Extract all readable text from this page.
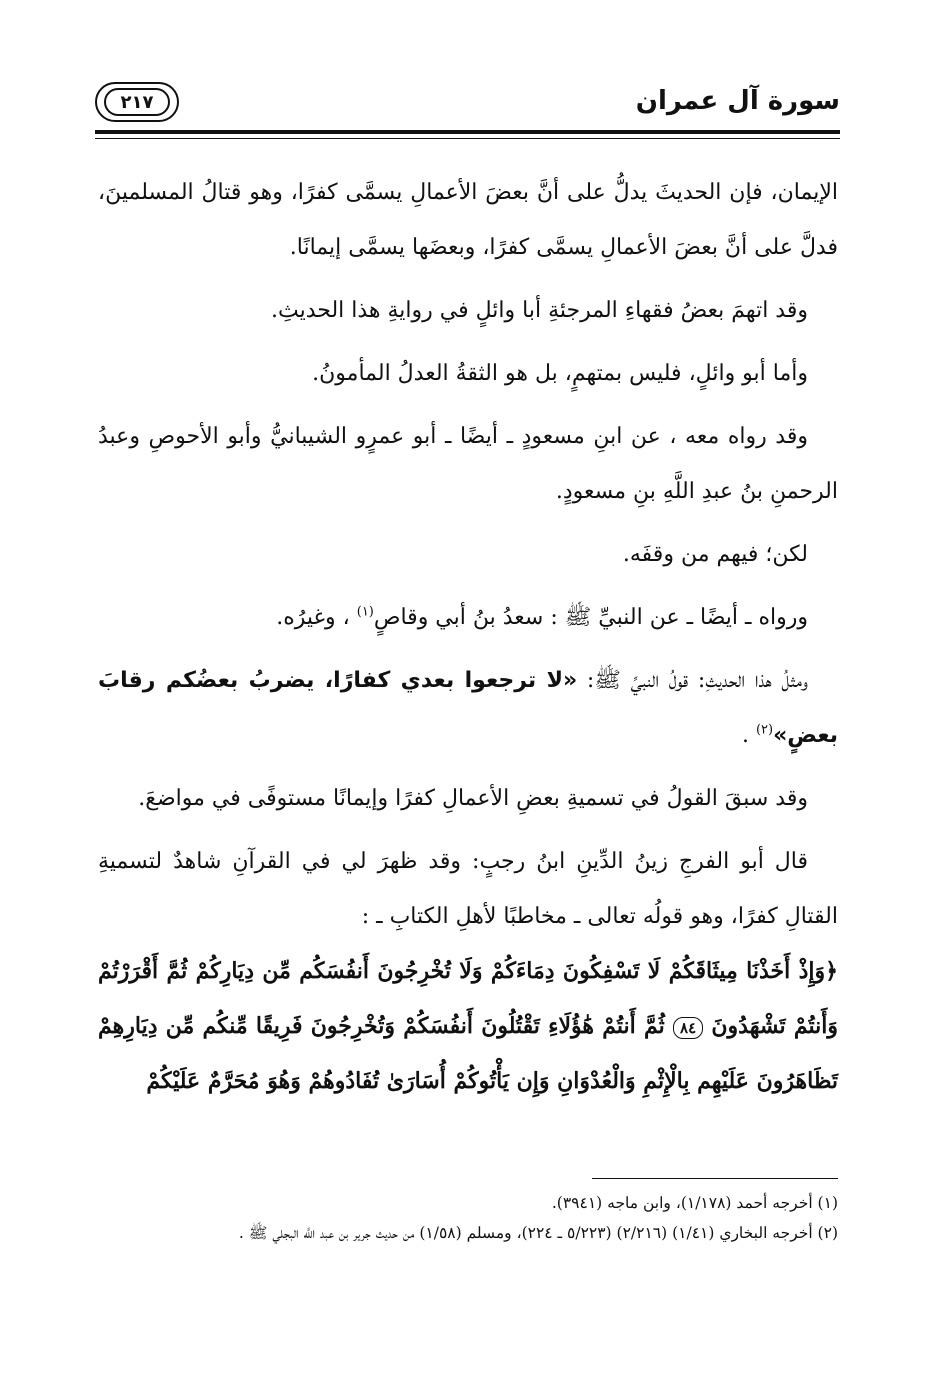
سورة آل عمران
٢١٧

الإيمان، فإن الحديثَ يدلُّ على أنَّ بعضَ الأعمالِ يسمَّى كفرًا، وهو قتالُ المسلمينَ، فدلَّ على أنَّ بعضَ الأعمالِ يسمَّى كفرًا، وبعضَها يسمَّى إيمانًا.

وقد اتهمَ بعضُ فقهاءِ المرجئةِ أبا وائلٍ في روايةِ هذا الحديثِ.

وأما أبو وائلٍ، فليس بمتهمٍ، بل هو الثقةُ العدلُ المأمونُ.

وقد رواه معه ، عن ابنِ مسعودٍ ـ أيضًا ـ أبو عمرٍو الشيبانيُّ وأبو الأحوصِ وعبدُ الرحمنِ بنُ عبدِ اللَّهِ بنِ مسعودٍ.

لكن؛ فيهم من وقفَه.

ورواه ـ أيضًا ـ عن النبيِّ ﷺ : سعدُ بنُ أبي وقاصٍ$^{(١)}$ ، وغيرُه.

ومثلُ هذا الحديثِ: قولُ النبيِّ ﷺ: «لا ترجعوا بعدي كفارًا، يضربُ بعضُكم رقابَ بعضٍ»$^{(٢)}$ .

وقد سبقَ القولُ في تسميةِ بعضِ الأعمالِ كفرًا وإيمانًا مستوفًى في مواضعَ.

قال أبو الفرجِ زينُ الدِّينِ ابنُ رجبٍ: وقد ظهرَ لي في القرآنِ شاهدٌ لتسميةِ القتالِ كفرًا، وهو قولُه تعالى ـ مخاطبًا لأهلِ الكتابِ ـ :

﴿وَإِذْ أَخَذْنَا مِيثَاقَكُمْ لَا تَسْفِكُونَ دِمَاءَكُمْ وَلَا تُخْرِجُونَ أَنفُسَكُم مِّن دِيَارِكُمْ ثُمَّ أَقْرَرْتُمْ وَأَنتُمْ تَشْهَدُونَ ٨٤ ثُمَّ أَنتُمْ هَٰؤُلَاءِ تَقْتُلُونَ أَنفُسَكُمْ وَتُخْرِجُونَ فَرِيقًا مِّنكُم مِّن دِيَارِهِمْ تَظَاهَرُونَ عَلَيْهِم بِالْإِثْمِ وَالْعُدْوَانِ وَإِن يَأْتُوكُمْ أُسَارَىٰ تُفَادُوهُمْ وَهُوَ مُحَرَّمٌ عَلَيْكُمْ

(١) أخرجه أحمد (١/١٧٨)، وابن ماجه (٣٩٤١).

(٢) أخرجه البخاري (١/٤١) (٢/٢١٦) (٥/٢٢٣ ـ ٢٢٤)، ومسلم (١/٥٨) من حديث جرير بن عبد اللَّه البجلي ﷺ .
